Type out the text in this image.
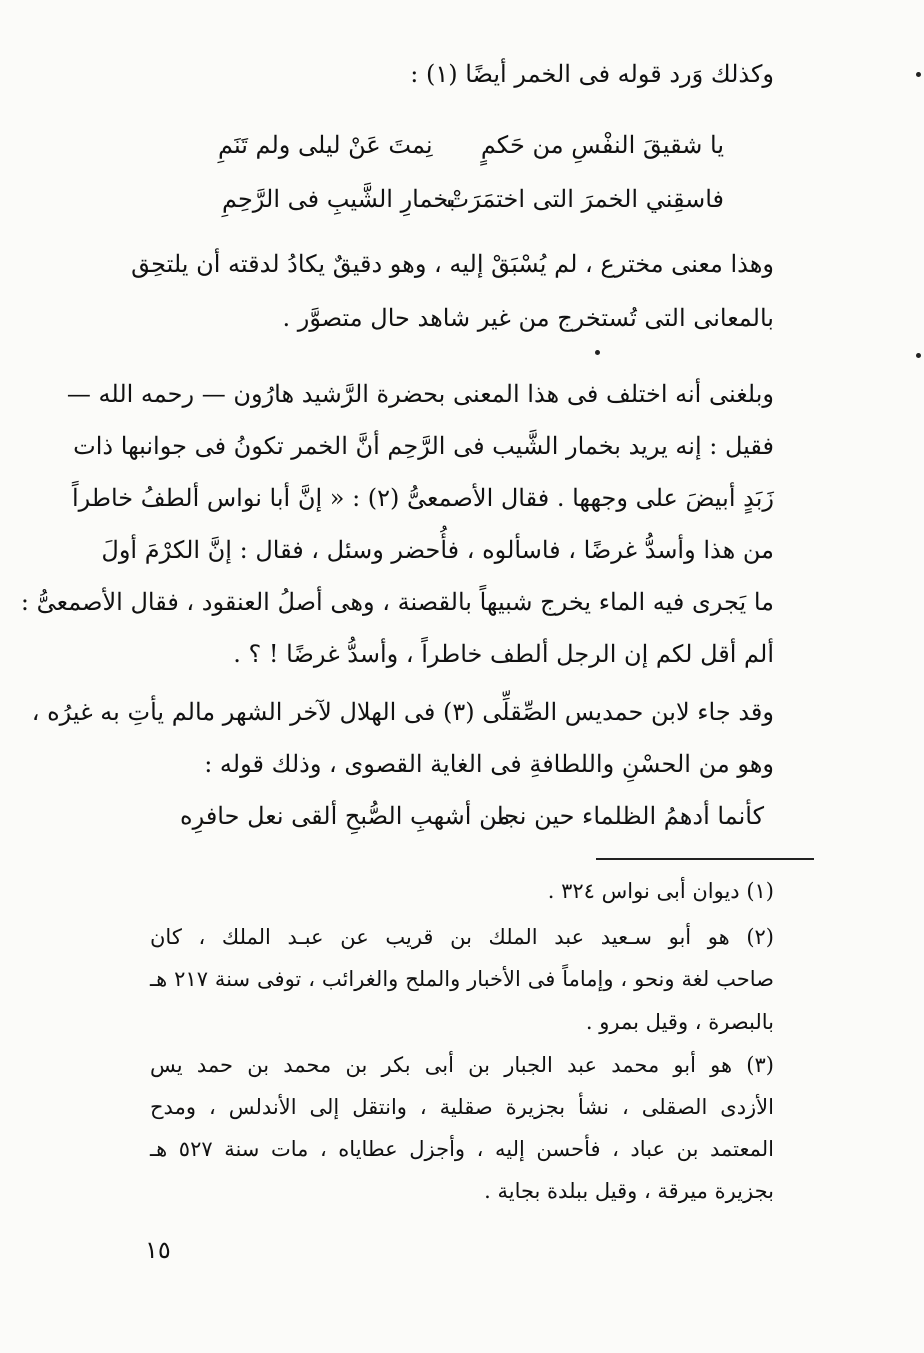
وكذلك وَرد قوله فى الخمر أيضًا (١) :
يا شقيقَ النفْسِ من حَكمٍ
نِمتَ عَنْ ليلى ولم تَنَمِ
فاسقِني الخمرَ التى اختمَرَتْ
بخمارِ الشَّيبِ فى الرَّحِمِ
وهذا معنى مخترع ، لم يُسْبَقْ إليه ، وهو دقيقٌ يكادُ لدقته أن يلتحِق
بالمعانى التى تُستخرج من غير شاهد حال متصوَّر .
وبلغنى أنه اختلف فى هذا المعنى بحضرة الرَّشيد هارُون — رحمه الله —
فقيل : إنه يريد بخمار الشَّيب فى الرَّحِم أنَّ الخمر تكونُ فى جوانبها ذات
زَبَدٍ أبيضَ على وجهها . فقال الأصمعىُّ (٢) : « إنَّ أبا نواس ألطفُ خاطراً
من هذا وأسدُّ غرضًا ، فاسألوه ، فأُحضر وسئل ، فقال : إنَّ الكرْمَ أولَ
ما يَجرى فيه الماء يخرج شبيهاً بالقصنة ، وهى أصلُ العنقود ، فقال الأصمعىُّ :
ألم أقل لكم إن الرجل ألطف خاطراً ، وأسدُّ غرضًا ! ؟ .
وقد جاء لابن حمديس الصِّقلِّى (٣) فى الهلال لآخر الشهر مالم يأتِ به غيرُه ،
وهو من الحسْنِ واللطافةِ فى الغاية القصوى ، وذلك قوله :
كأنما أدهمُ الظلماء حين نجا
من أشهبِ الصُّبحِ ألقى نعل حافرِه
(١) ديوان أبى نواس ٣٢٤ .
(٢) هو أبو سـعيد عبد الملك بن قريب عن عبـد الملك ، كان
صاحب لغة ونحو ، وإماماً فى الأخبار والملح والغرائب ، توفى سنة ٢١٧ هـ
بالبصرة ، وقيل بمرو .
(٣) هو أبو محمد عبد الجبار بن أبى بكر بن محمد بن حمد يس
الأزدى الصقلى ، نشأ بجزيرة صقلية ، وانتقل إلى الأندلس ، ومدح
المعتمد بن عباد ، فأحسن إليه ، وأجزل عطاياه ، مات سنة ٥٢٧ هـ
بجزيرة ميرقة ، وقيل ببلدة بجاية .
١٥
